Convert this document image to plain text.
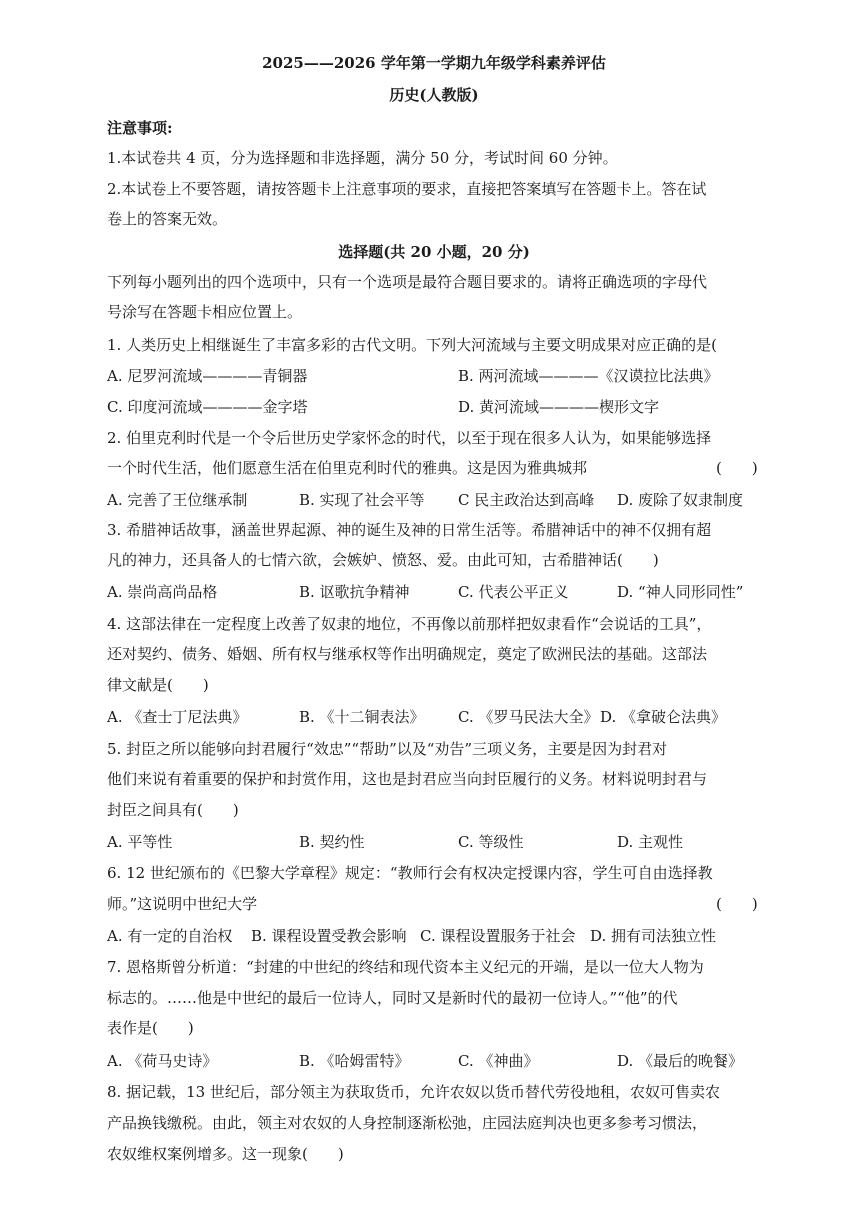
2025——2026 学年第一学期九年级学科素养评估
历史(人教版)
注意事项:
1.本试卷共 4 页，分为选择题和非选择题，满分 50 分，考试时间 60 分钟。
2.本试卷上不要答题，请按答题卡上注意事项的要求，直接把答案填写在答题卡上。答在试
卷上的答案无效。
选择题(共 20 小题，20 分)
下列每小题列出的四个选项中，只有一个选项是最符合题目要求的。请将正确选项的字母代
号涂写在答题卡相应位置上。
1. 人类历史上相继诞生了丰富多彩的古代文明。下列大河流域与主要文明成果对应正确的是(
A. 尼罗河流域————青铜器	B. 两河流域————《汉谟拉比法典》
C. 印度河流域————金字塔	D. 黄河流域————楔形文字
2. 伯里克利时代是一个令后世历史学家怀念的时代，以至于现在很多人认为，如果能够选择
一个时代生活，他们愿意生活在伯里克利时代的雅典。这是因为雅典城邦	(　　)
A. 完善了王位继承制	B. 实现了社会平等 C 民主政治达到高峰 D. 废除了奴隶制度
3. 希腊神话故事，涵盖世界起源、神的诞生及神的日常生活等。希腊神话中的神不仅拥有超
凡的神力，还具备人的七情六欲，会嫉妒、愤怒、爱。由此可知，古希腊神话(　　)
A. 崇尚高尚品格	B. 讴歌抗争精神	C. 代表公平正义	D. “神人同形同性”
4. 这部法律在一定程度上改善了奴隶的地位，不再像以前那样把奴隶看作“会说话的工具”，
还对契约、债务、婚姻、所有权与继承权等作出明确规定，奠定了欧洲民法的基础。这部法
律文献是(　　)
A. 《查士丁尼法典》	B. 《十二铜表法》 C. 《罗马民法大全》 D. 《拿破仑法典》
5. 封臣之所以能够向封君履行“效忠”“帮助”以及“劝告”三项义务，主要是因为封君对
他们来说有着重要的保护和封赏作用，这也是封君应当向封臣履行的义务。材料说明封君与
封臣之间具有(　　)
A. 平等性	B. 契约性	C. 等级性	D. 主观性
6. 12 世纪颁布的《巴黎大学章程》规定：“教师行会有权决定授课内容，学生可自由选择教
师。”这说明中世纪大学	(　　)
A. 有一定的自治权 B. 课程设置受教会影响 C. 课程设置服务于社会 D. 拥有司法独立性
7. 恩格斯曾分析道：“封建的中世纪的终结和现代资本主义纪元的开端，是以一位大人物为
标志的。……他是中世纪的最后一位诗人，同时又是新时代的最初一位诗人。”“他”的代
表作是(　　)
A. 《荷马史诗》	B. 《哈姆雷特》	C. 《神曲》	D. 《最后的晚餐》
8. 据记载，13 世纪后，部分领主为获取货币，允许农奴以货币替代劳役地租，农奴可售卖农
产品换钱缴税。由此，领主对农奴的人身控制逐渐松弛，庄园法庭判决也更多参考习惯法，
农奴维权案例增多。这一现象(　　)
